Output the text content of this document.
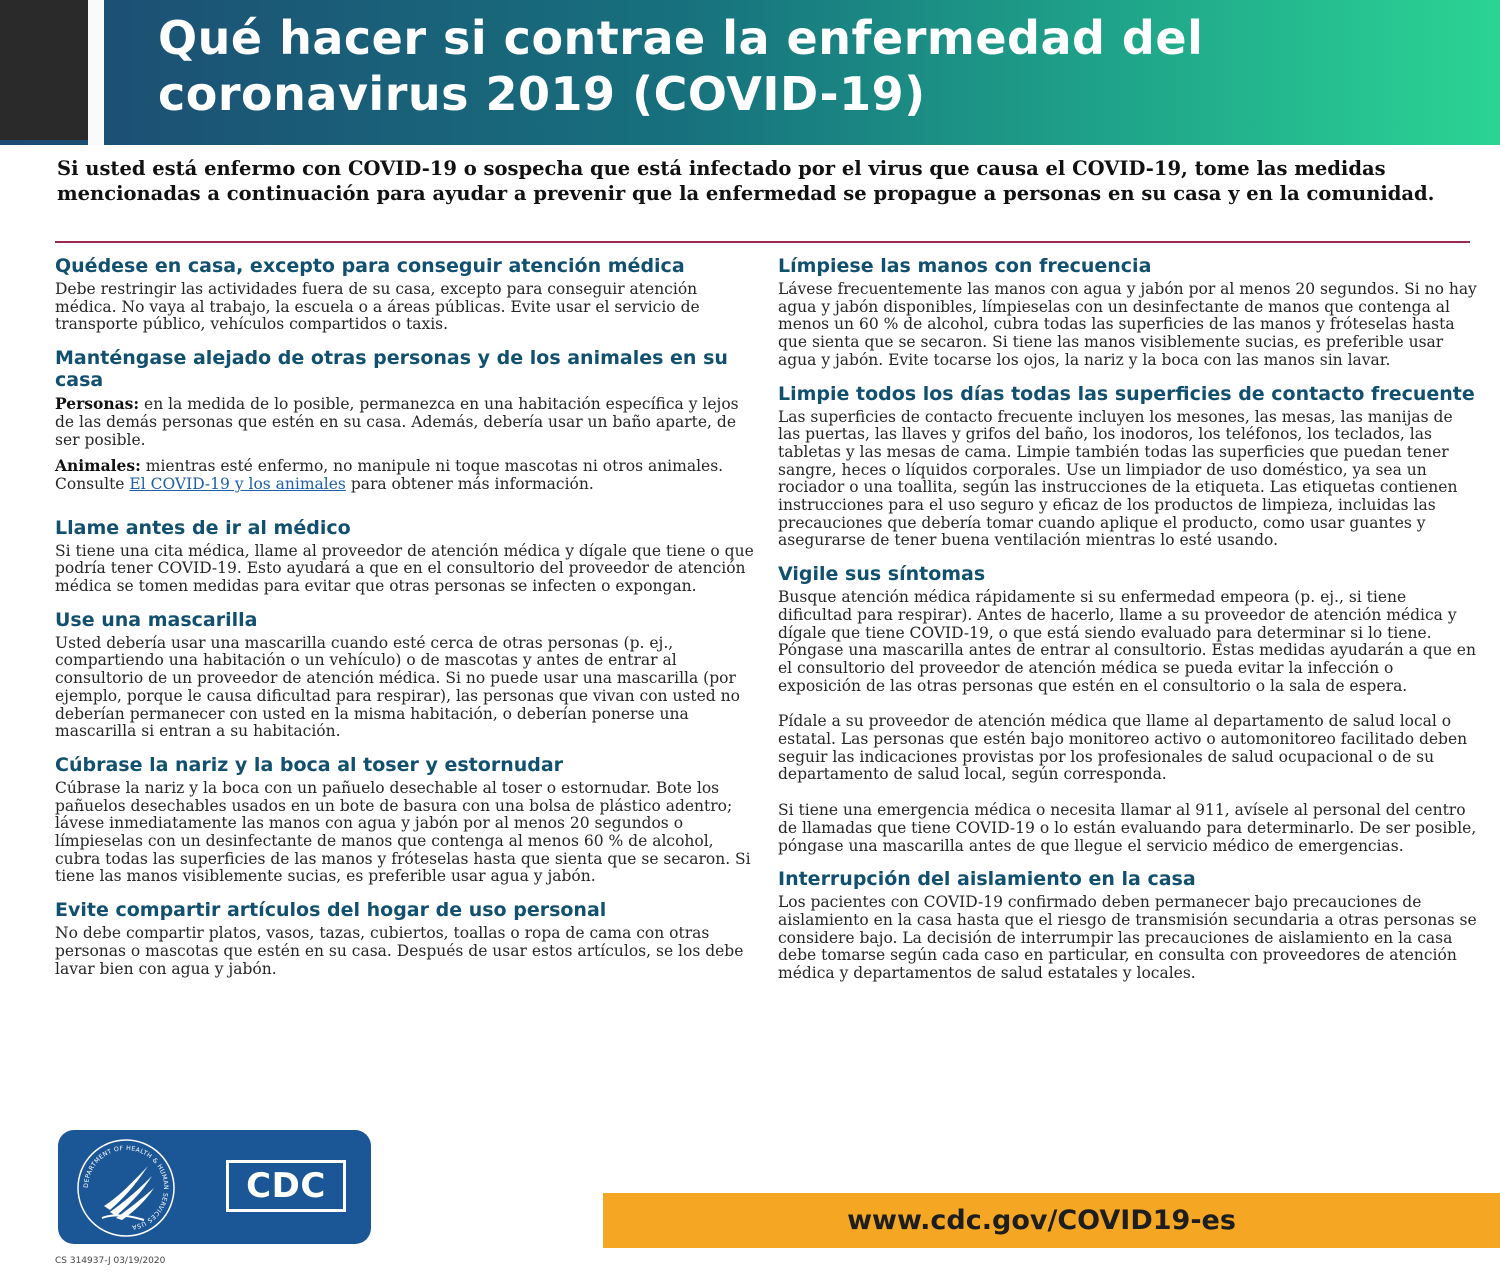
Qué hacer si contrae la enfermedad del coronavirus 2019 (COVID-19)

Si usted está enfermo con COVID-19 o sospecha que está infectado por el virus que causa el COVID-19, tome las medidas mencionadas a continuación para ayudar a prevenir que la enfermedad se propague a personas en su casa y en la comunidad.

Quédese en casa, excepto para conseguir atención médica

Debe restringir las actividades fuera de su casa, excepto para conseguir atención médica. No vaya al trabajo, la escuela o a áreas públicas. Evite usar el servicio de transporte público, vehículos compartidos o taxis.

Manténgase alejado de otras personas y de los animales en su casa

Personas: en la medida de lo posible, permanezca en una habitación específica y lejos de las demás personas que estén en su casa. Además, debería usar un baño aparte, de ser posible.

Animales: mientras esté enfermo, no manipule ni toque mascotas ni otros animales. Consulte El COVID-19 y los animales para obtener más información.

Llame antes de ir al médico

Si tiene una cita médica, llame al proveedor de atención médica y dígale que tiene o que podría tener COVID-19. Esto ayudará a que en el consultorio del proveedor de atención médica se tomen medidas para evitar que otras personas se infecten o expongan.

Use una mascarilla

Usted debería usar una mascarilla cuando esté cerca de otras personas (p. ej., compartiendo una habitación o un vehículo) o de mascotas y antes de entrar al consultorio de un proveedor de atención médica. Si no puede usar una mascarilla (por ejemplo, porque le causa dificultad para respirar), las personas que vivan con usted no deberían permanecer con usted en la misma habitación, o deberían ponerse una mascarilla si entran a su habitación.

Cúbrase la nariz y la boca al toser y estornudar

Cúbrase la nariz y la boca con un pañuelo desechable al toser o estornudar. Bote los pañuelos desechables usados en un bote de basura con una bolsa de plástico adentro; lávese inmediatamente las manos con agua y jabón por al menos 20 segundos o límpieselas con un desinfectante de manos que contenga al menos 60 % de alcohol, cubra todas las superficies de las manos y fróteselas hasta que sienta que se secaron. Si tiene las manos visiblemente sucias, es preferible usar agua y jabón.

Evite compartir artículos del hogar de uso personal

No debe compartir platos, vasos, tazas, cubiertos, toallas o ropa de cama con otras personas o mascotas que estén en su casa. Después de usar estos artículos, se los debe lavar bien con agua y jabón.

Límpiese las manos con frecuencia

Lávese frecuentemente las manos con agua y jabón por al menos 20 segundos. Si no hay agua y jabón disponibles, límpieselas con un desinfectante de manos que contenga al menos un 60 % de alcohol, cubra todas las superficies de las manos y fróteselas hasta que sienta que se secaron. Si tiene las manos visiblemente sucias, es preferible usar agua y jabón. Evite tocarse los ojos, la nariz y la boca con las manos sin lavar.

Limpie todos los días todas las superficies de contacto frecuente

Las superficies de contacto frecuente incluyen los mesones, las mesas, las manijas de las puertas, las llaves y grifos del baño, los inodoros, los teléfonos, los teclados, las tabletas y las mesas de cama. Limpie también todas las superficies que puedan tener sangre, heces o líquidos corporales. Use un limpiador de uso doméstico, ya sea un rociador o una toallita, según las instrucciones de la etiqueta. Las etiquetas contienen instrucciones para el uso seguro y eficaz de los productos de limpieza, incluidas las precauciones que debería tomar cuando aplique el producto, como usar guantes y asegurarse de tener buena ventilación mientras lo esté usando.

Vigile sus síntomas

Busque atención médica rápidamente si su enfermedad empeora (p. ej., si tiene dificultad para respirar). Antes de hacerlo, llame a su proveedor de atención médica y dígale que tiene COVID-19, o que está siendo evaluado para determinar si lo tiene. Póngase una mascarilla antes de entrar al consultorio. Estas medidas ayudarán a que en el consultorio del proveedor de atención médica se pueda evitar la infección o exposición de las otras personas que estén en el consultorio o la sala de espera.

Pídale a su proveedor de atención médica que llame al departamento de salud local o estatal. Las personas que estén bajo monitoreo activo o automonitoreo facilitado deben seguir las indicaciones provistas por los profesionales de salud ocupacional o de su departamento de salud local, según corresponda.

Si tiene una emergencia médica o necesita llamar al 911, avísele al personal del centro de llamadas que tiene COVID-19 o lo están evaluando para determinarlo. De ser posible, póngase una mascarilla antes de que llegue el servicio médico de emergencias.

Interrupción del aislamiento en la casa

Los pacientes con COVID-19 confirmado deben permanecer bajo precauciones de aislamiento en la casa hasta que el riesgo de transmisión secundaria a otras personas se considere bajo. La decisión de interrumpir las precauciones de aislamiento en la casa debe tomarse según cada caso en particular, en consulta con proveedores de atención médica y departamentos de salud estatales y locales.

DEPARTMENT OF HEALTH & HUMAN SERVICES USA
CDC
CS 314937-J 03/19/2020
www.cdc.gov/COVID19-es
